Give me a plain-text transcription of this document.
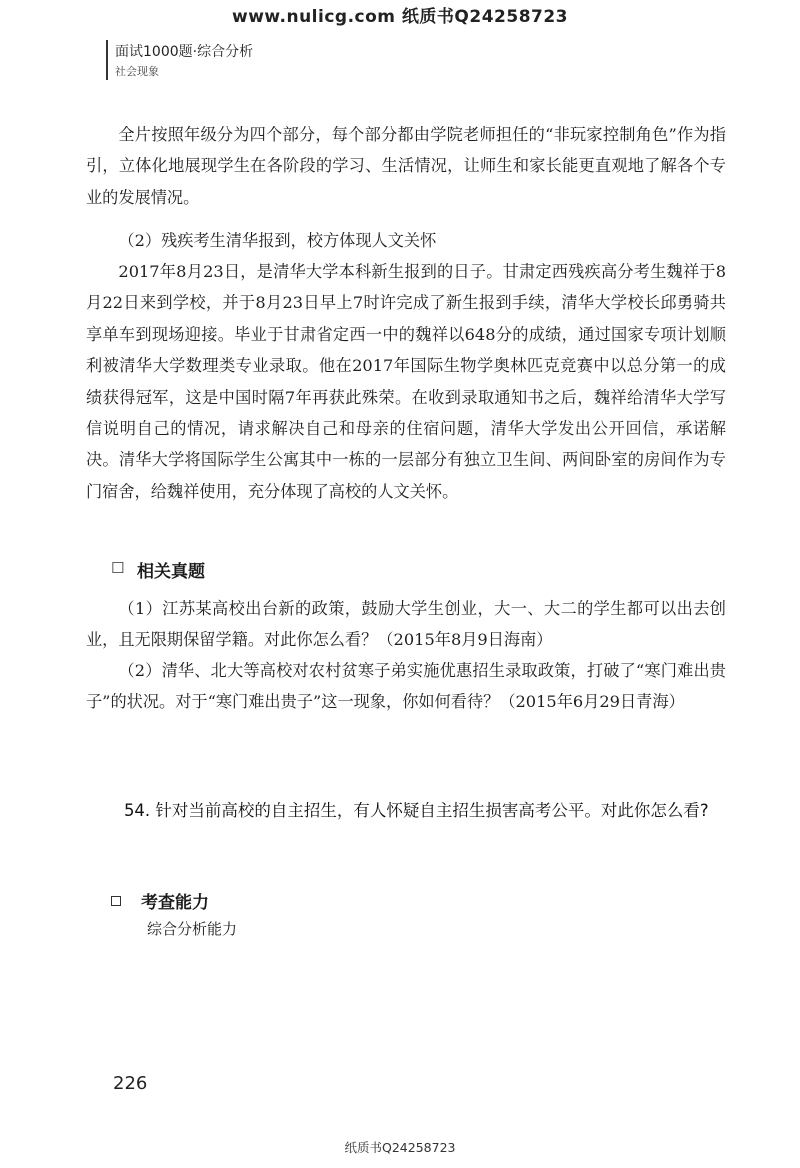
www.nulicg.com 纸质书Q24258723
面试1000题·综合分析
社会现象
全片按照年级分为四个部分，每个部分都由学院老师担任的“非玩家控制角色”作为指引，立体化地展现学生在各阶段的学习、生活情况，让师生和家长能更直观地了解各个专业的发展情况。
（2）残疾考生清华报到，校方体现人文关怀
2017年8月23日，是清华大学本科新生报到的日子。甘肃定西残疾高分考生魏祥于8月22日来到学校，并于8月23日早上7时许完成了新生报到手续，清华大学校长邱勇骑共享单车到现场迎接。毕业于甘肃省定西一中的魏祥以648分的成绩，通过国家专项计划顺利被清华大学数理类专业录取。他在2017年国际生物学奥林匹克竞赛中以总分第一的成绩获得冠军，这是中国时隔7年再获此殊荣。在收到录取通知书之后，魏祥给清华大学写信说明自己的情况，请求解决自己和母亲的住宿问题，清华大学发出公开回信，承诺解决。清华大学将国际学生公寓其中一栋的一层部分有独立卫生间、两间卧室的房间作为专门宿舍，给魏祥使用，充分体现了高校的人文关怀。
☐ 相关真题
（1）江苏某高校出台新的政策，鼓励大学生创业，大一、大二的学生都可以出去创业，且无限期保留学籍。对此你怎么看？（2015年8月9日海南）
（2）清华、北大等高校对农村贫寒子弟实施优惠招生录取政策，打破了“寒门难出贵子”的状况。对于“寒门难出贵子”这一现象，你如何看待？（2015年6月29日青海）
54. 针对当前高校的自主招生，有人怀疑自主招生损害高考公平。对此你怎么看?
考查能力
综合分析能力
226
纸质书Q24258723
